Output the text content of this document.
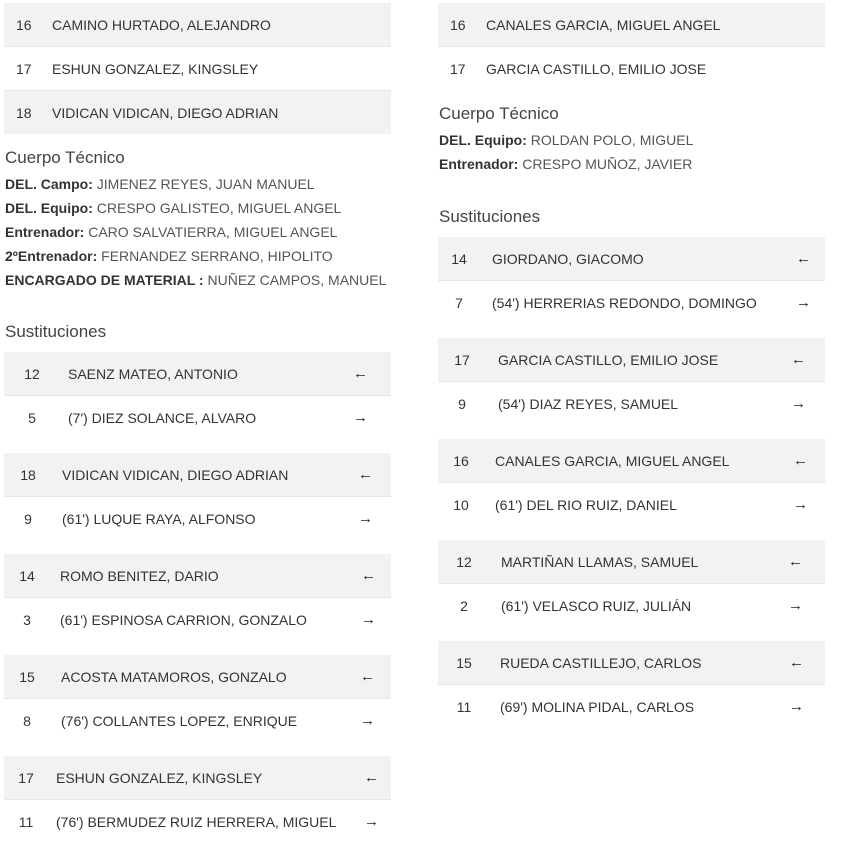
16	CAMINO HURTADO, ALEJANDRO
17	ESHUN GONZALEZ, KINGSLEY
18	VIDICAN VIDICAN, DIEGO ADRIAN
Cuerpo Técnico
DEL. Campo: JIMENEZ REYES, JUAN MANUEL
DEL. Equipo: CRESPO GALISTEO, MIGUEL ANGEL
Entrenador: CARO SALVATIERRA, MIGUEL ANGEL
2ºEntrenador: FERNANDEZ SERRANO, HIPOLITO
ENCARGADO DE MATERIAL : NUÑEZ CAMPOS, MANUEL
Sustituciones
12	SAENZ MATEO, ANTONIO	←
5	(7') DIEZ SOLANCE, ALVARO	→
18	VIDICAN VIDICAN, DIEGO ADRIAN	←
9	(61') LUQUE RAYA, ALFONSO	→
14	ROMO BENITEZ, DARIO	←
3	(61') ESPINOSA CARRION, GONZALO	→
15	ACOSTA MATAMOROS, GONZALO	←
8	(76') COLLANTES LOPEZ, ENRIQUE	→
17	ESHUN GONZALEZ, KINGSLEY	←
11	(76') BERMUDEZ RUIZ HERRERA, MIGUEL	→
16	CANALES GARCIA, MIGUEL ANGEL
17	GARCIA CASTILLO, EMILIO JOSE
Cuerpo Técnico
DEL. Equipo: ROLDAN POLO, MIGUEL
Entrenador: CRESPO MUÑOZ, JAVIER
Sustituciones
14	GIORDANO, GIACOMO	←
7	(54') HERRERIAS REDONDO, DOMINGO	→
17	GARCIA CASTILLO, EMILIO JOSE	←
9	(54') DIAZ REYES, SAMUEL	→
16	CANALES GARCIA, MIGUEL ANGEL	←
10	(61') DEL RIO RUIZ, DANIEL	→
12	MARTIÑAN LLAMAS, SAMUEL	←
2	(61') VELASCO RUIZ, JULIÁN	→
15	RUEDA CASTILLEJO, CARLOS	←
11	(69') MOLINA PIDAL, CARLOS	→
